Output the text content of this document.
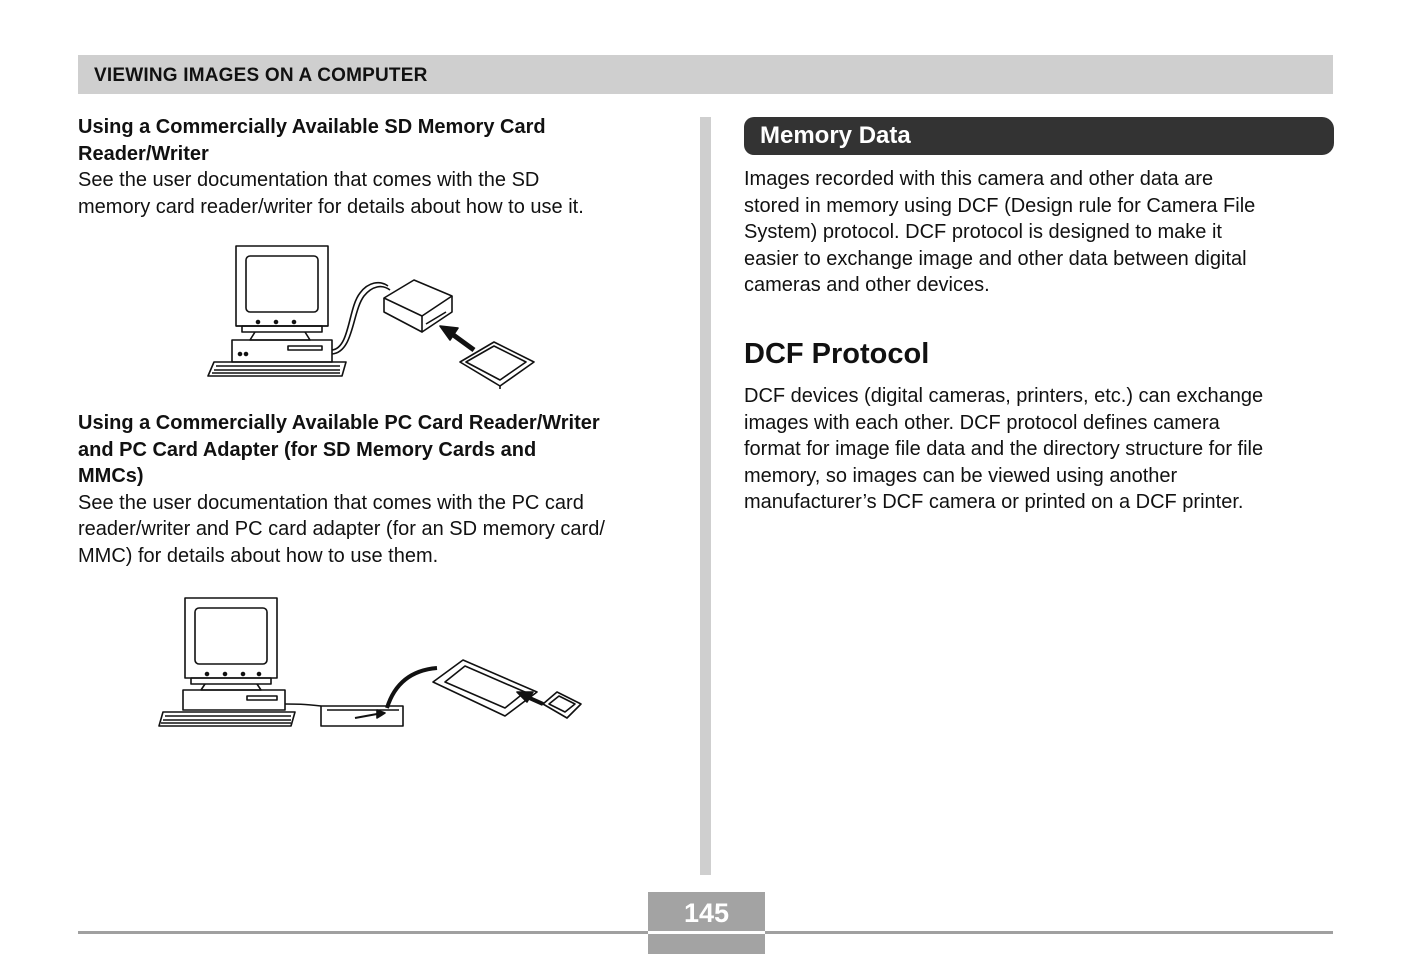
VIEWING IMAGES ON A COMPUTER

Using a Commercially Available SD Memory Card
Reader/Writer

See the user documentation that comes with the SD
memory card reader/writer for details about how to use it.

Using a Commercially Available PC Card Reader/Writer
and PC Card Adapter (for SD Memory Cards and
MMCs)

See the user documentation that comes with the PC card
reader/writer and PC card adapter (for an SD memory card/
MMC) for details about how to use them.

Memory Data

Images recorded with this camera and other data are
stored in memory using DCF (Design rule for Camera File
System) protocol. DCF protocol is designed to make it
easier to exchange image and other data between digital
cameras and other devices.

DCF Protocol

DCF devices (digital cameras, printers, etc.) can exchange
images with each other. DCF protocol defines camera
format for image file data and the directory structure for file
memory, so images can be viewed using another
manufacturer’s DCF camera or printed on a DCF printer.

145
